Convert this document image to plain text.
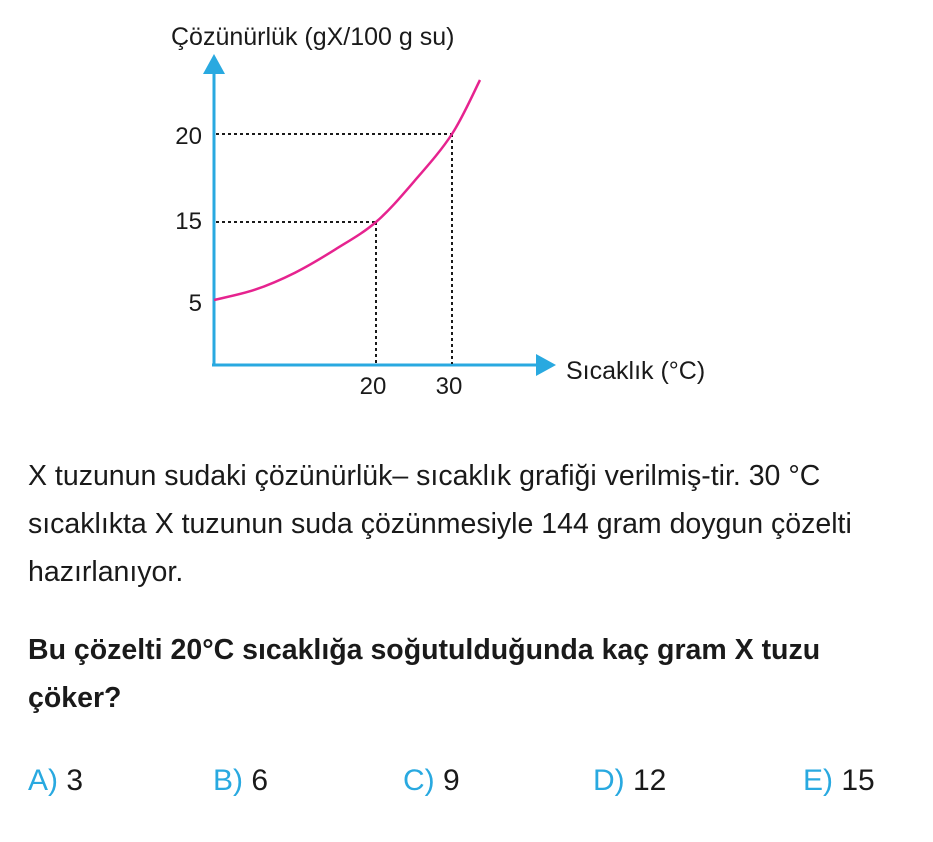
Çözünürlük (gX/100 g su)
Sıcaklık (°C)
5
15
20
20 30

X tuzunun sudaki çözünürlük– sıcaklık grafiği verilmiş-tir. 30 °C sıcaklıkta X tuzunun suda çözünmesiyle 144 gram doygun çözelti hazırlanıyor.

Bu çözelti 20°C sıcaklığa soğutulduğunda kaç gram X tuzu çöker?

A) 3	B) 6	C) 9	D) 12	E) 15
